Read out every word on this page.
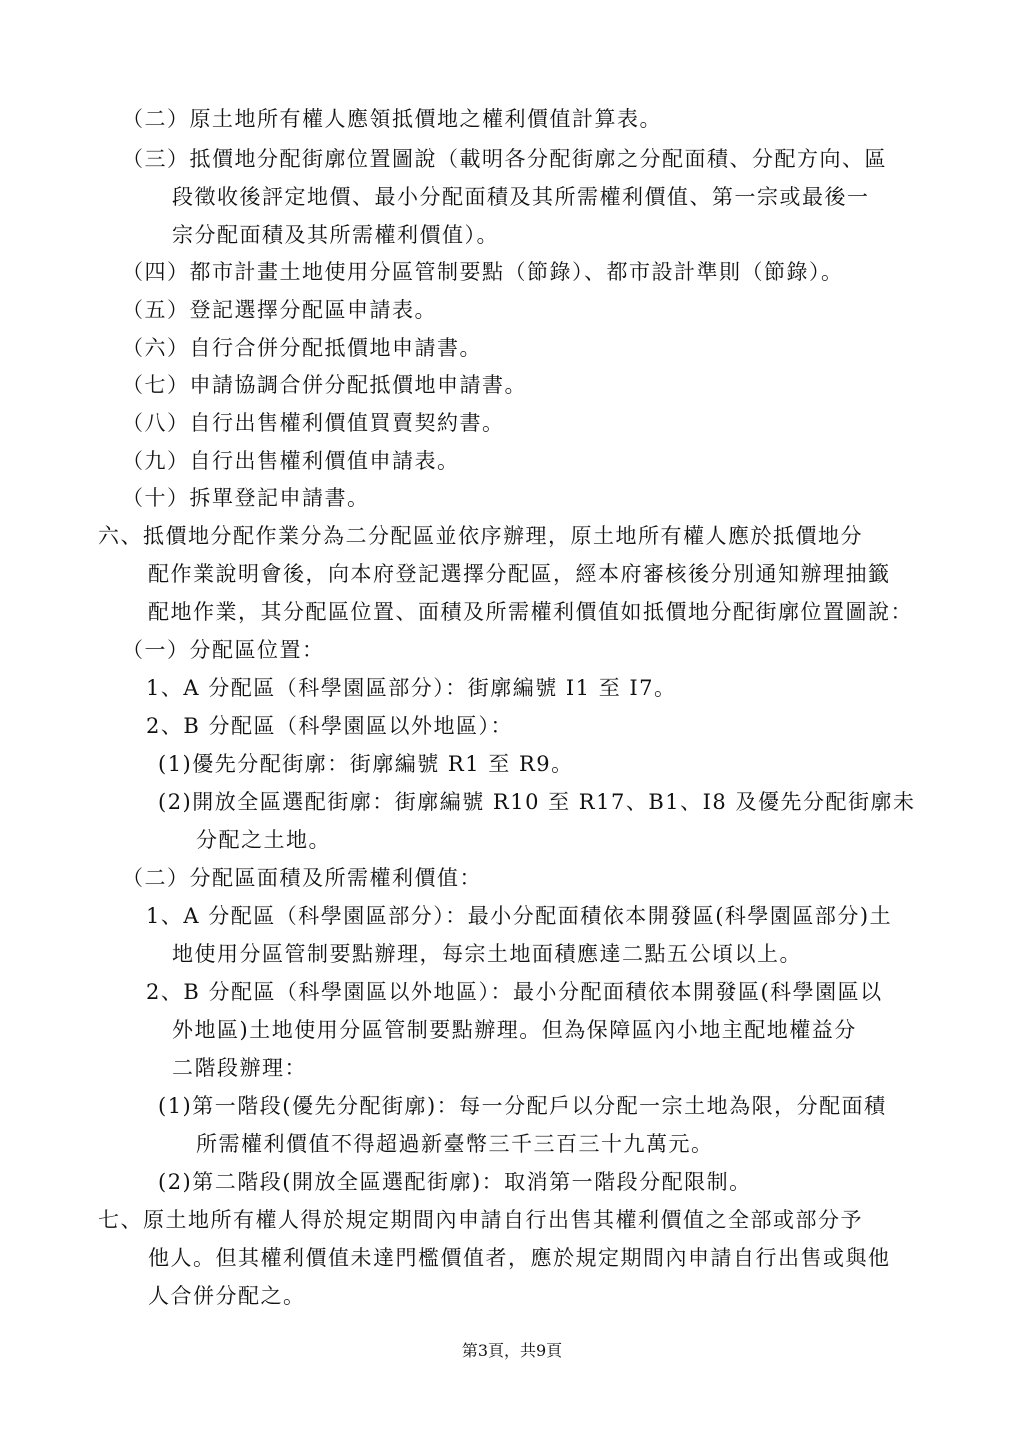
（二）原土地所有權人應領抵價地之權利價值計算表。
（三）抵價地分配街廓位置圖說（載明各分配街廓之分配面積、分配方向、區
段徵收後評定地價、最小分配面積及其所需權利價值、第一宗或最後一
宗分配面積及其所需權利價值）。
（四）都市計畫土地使用分區管制要點（節錄）、都市設計準則（節錄）。
（五）登記選擇分配區申請表。
（六）自行合併分配抵價地申請書。
（七）申請協調合併分配抵價地申請書。
（八）自行出售權利價值買賣契約書。
（九）自行出售權利價值申請表。
（十）拆單登記申請書。
六、抵價地分配作業分為二分配區並依序辦理，原土地所有權人應於抵價地分
配作業說明會後，向本府登記選擇分配區，經本府審核後分別通知辦理抽籤
配地作業，其分配區位置、面積及所需權利價值如抵價地分配街廓位置圖說：
（一）分配區位置：
1、A 分配區（科學園區部分）：街廓編號 I1 至 I7。
2、B 分配區（科學園區以外地區）：
(1)優先分配街廓：街廓編號 R1 至 R9。
(2)開放全區選配街廓：街廓編號 R10 至 R17、B1、I8 及優先分配街廓未
分配之土地。
（二）分配區面積及所需權利價值：
1、A 分配區（科學園區部分）：最小分配面積依本開發區(科學園區部分)土
地使用分區管制要點辦理，每宗土地面積應達二點五公頃以上。
2、B 分配區（科學園區以外地區）：最小分配面積依本開發區(科學園區以
外地區)土地使用分區管制要點辦理。但為保障區內小地主配地權益分
二階段辦理：
(1)第一階段(優先分配街廓)：每一分配戶以分配一宗土地為限，分配面積
所需權利價值不得超過新臺幣三千三百三十九萬元。
(2)第二階段(開放全區選配街廓)：取消第一階段分配限制。
七、原土地所有權人得於規定期間內申請自行出售其權利價值之全部或部分予
他人。但其權利價值未達門檻價值者，應於規定期間內申請自行出售或與他
人合併分配之。
第3頁，共9頁
